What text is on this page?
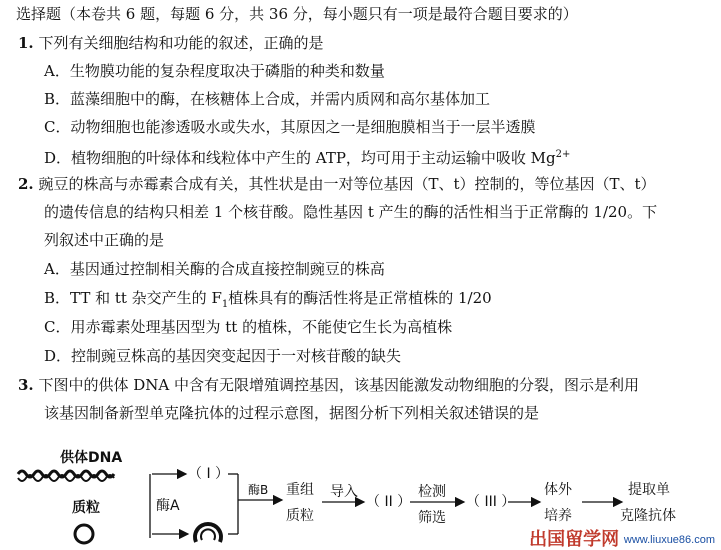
选择题（本卷共 6 题，每题 6 分，共 36 分，每小题只有一项是最符合题目要求的）
1. 下列有关细胞结构和功能的叙述，正确的是
A．生物膜功能的复杂程度取决于磷脂的种类和数量
B．蓝藻细胞中的酶，在核糖体上合成，并需内质网和高尔基体加工
C．动物细胞也能渗透吸水或失水，其原因之一是细胞膜相当于一层半透膜
D．植物细胞的叶绿体和线粒体中产生的 ATP，均可用于主动运输中吸收 $Mg^{2+}$
2. 豌豆的株高与赤霉素合成有关，其性状是由一对等位基因（T、t）控制的，等位基因（T、t）
的遗传信息的结构只相差 1 个核苷酸。隐性基因 t 产生的酶的活性相当于正常酶的 1/20。下
列叙述中正确的是
A．基因通过控制相关酶的合成直接控制豌豆的株高
B．TT 和 tt 杂交产生的 $F_1$植株具有的酶活性将是正常植株的 1/20
C．用赤霉素处理基因型为 tt 的植株，不能使它生长为高植株
D．控制豌豆株高的基因突变起因于一对核苷酸的缺失
3. 下图中的供体 DNA 中含有无限增殖调控基因，该基因能激发动物细胞的分裂，图示是利用
该基因制备新型单克隆抗体的过程示意图，据图分析下列相关叙述错误的是
供体DNA
（ I ）
酶A
质粒
酶B 重组
质粒
导入
（ II ）
检测
筛选
（ III ）
体外
培养
提取单
克隆抗体
出国留学网 www.liuxue86.com
